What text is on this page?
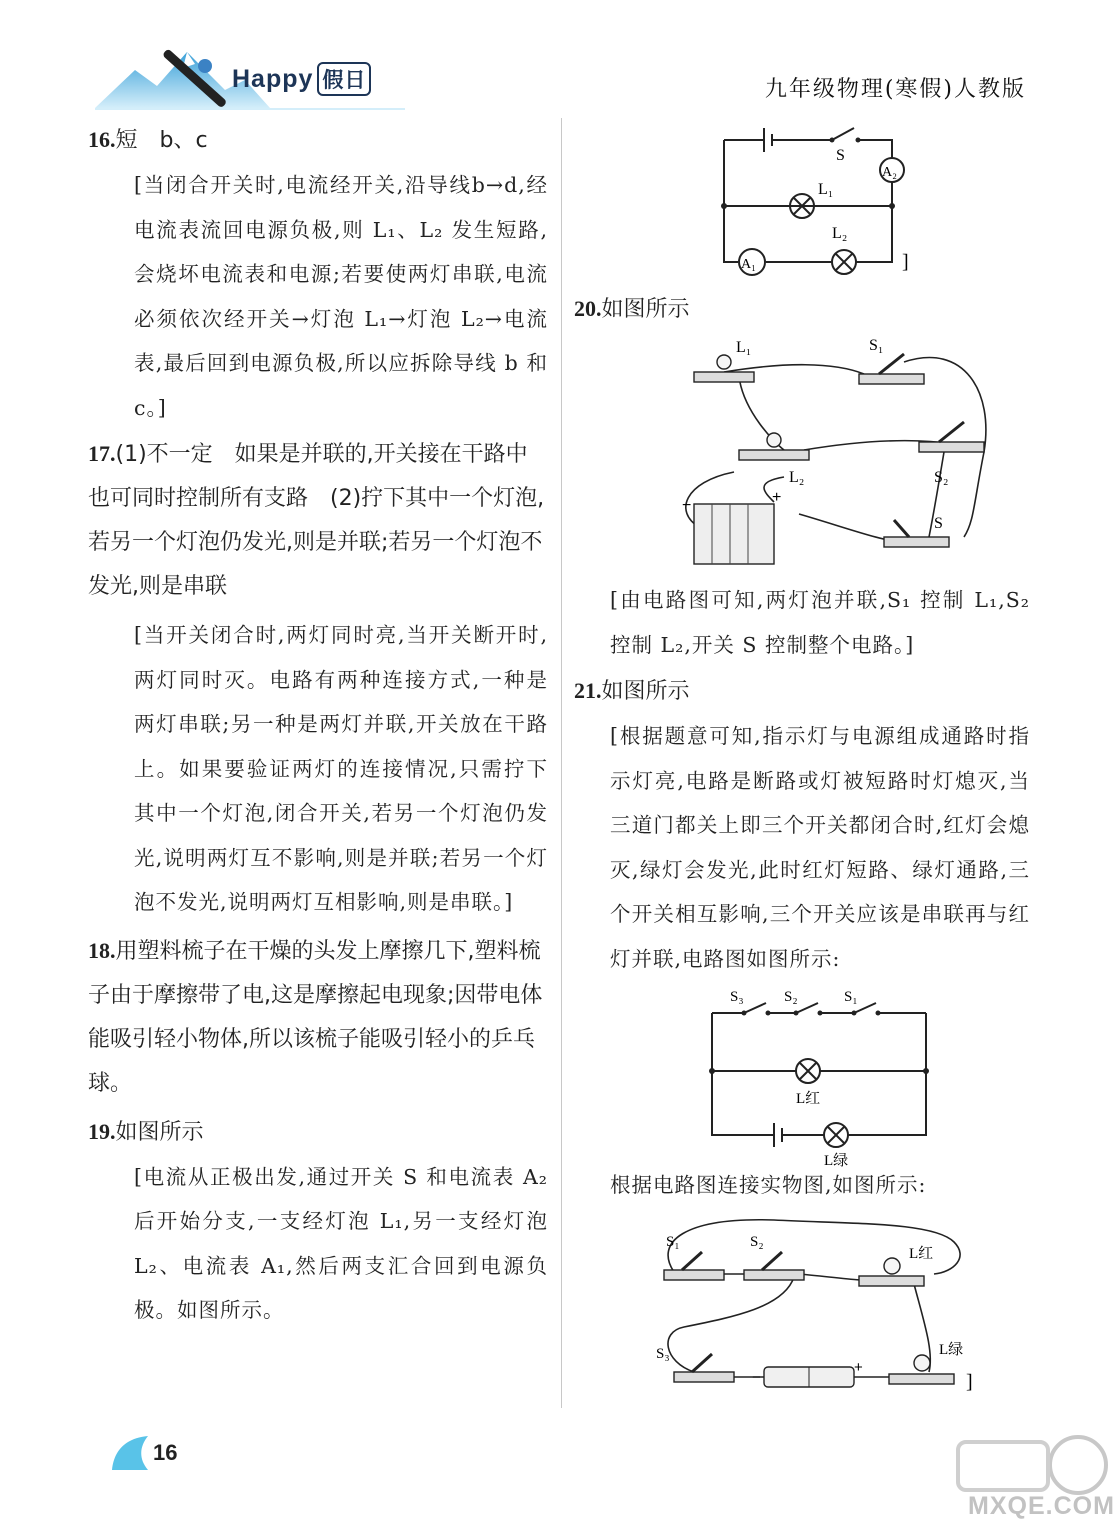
Happy 假日	九年级物理(寒假)人教版

16.短　b、c

[当闭合开关时,电流经开关,沿导线b→d,经电流表流回电源负极,则 L₁、L₂ 发生短路,会烧坏电流表和电源;若要使两灯串联,电流必须依次经开关→灯泡 L₁→灯泡 L₂→电流表,最后回到电源负极,所以应拆除导线 b 和 c。]

17.(1)不一定　如果是并联的,开关接在干路中也可同时控制所有支路　(2)拧下其中一个灯泡,若另一个灯泡仍发光,则是并联;若另一个灯泡不发光,则是串联

[当开关闭合时,两灯同时亮,当开关断开时,两灯同时灭。电路有两种连接方式,一种是两灯串联;另一种是两灯并联,开关放在干路上。如果要验证两灯的连接情况,只需拧下其中一个灯泡,闭合开关,若另一个灯泡仍发光,说明两灯互不影响,则是并联;若另一个灯泡不发光,说明两灯互相影响,则是串联。]

18.用塑料梳子在干燥的头发上摩擦几下,塑料梳子由于摩擦带了电,这是摩擦起电现象;因带电体能吸引轻小物体,所以该梳子能吸引轻小的乒乓球。

19.如图所示

[电流从正极出发,通过开关 S 和电流表 A₂后开始分支,一支经灯泡 L₁,另一支经灯泡 L₂、电流表 A₁,然后两支汇合回到电源负极。如图所示。

S
A₂
L₁
L₂
A₁	]

20.如图所示

L₁	S₁
L₂	S₂
−	+
S

[由电路图可知,两灯泡并联,S₁ 控制 L₁,S₂ 控制 L₂,开关 S 控制整个电路。]

21.如图所示

[根据题意可知,指示灯与电源组成通路时指示灯亮,电路是断路或灯被短路时灯熄灭,当三道门都关上即三个开关都闭合时,红灯会熄灭,绿灯会发光,此时红灯短路、绿灯通路,三个开关相互影响,三个开关应该是串联再与红灯并联,电路图如图所示:

S₃	S₂	S₁
L红
L绿

根据电路图连接实物图,如图所示:

S₁	S₂
L红
S₃
−
+
L绿
]
16
MXQE.COM
